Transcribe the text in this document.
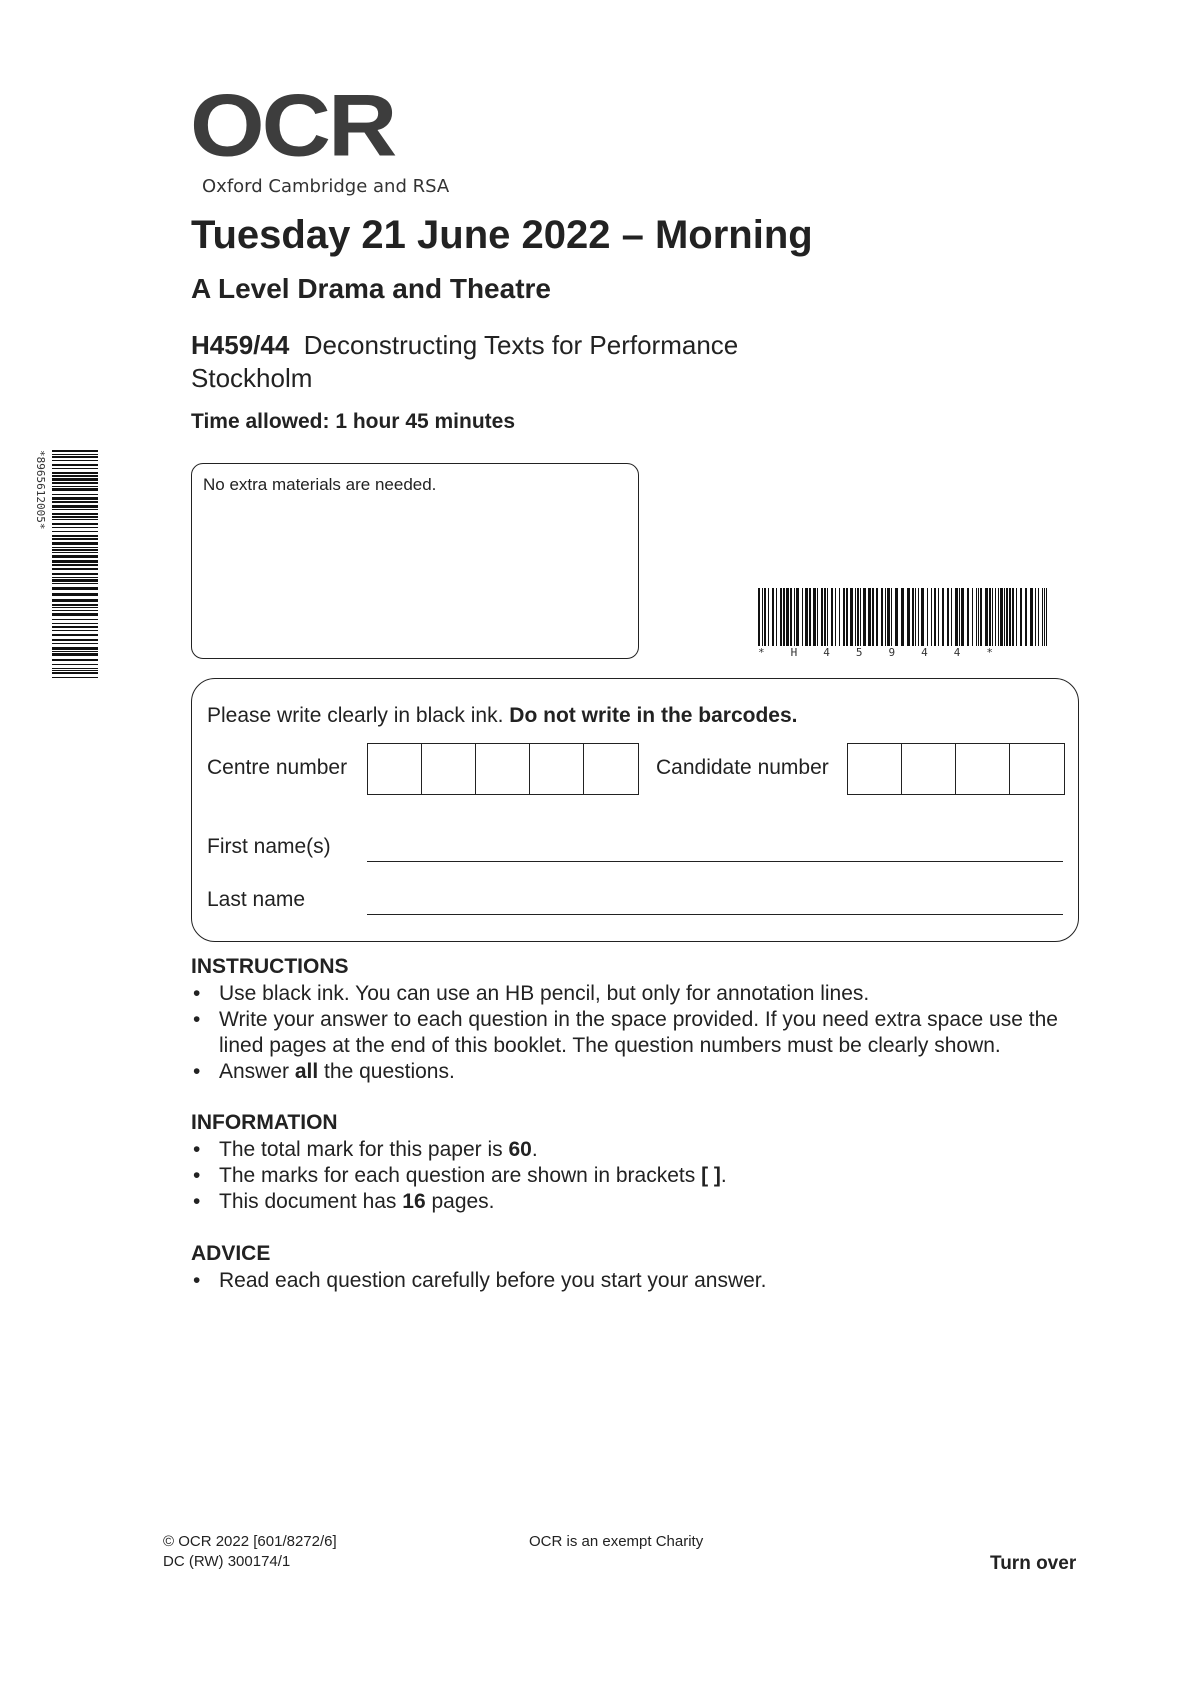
OCR
Oxford Cambridge and RSA
Tuesday 21 June 2022 – Morning
A Level Drama and Theatre
H459/44 Deconstructing Texts for Performance
Stockholm
Time allowed: 1 hour 45 minutes
*8965612005*	No extra materials are needed.
*H45944*
Please write clearly in black ink. Do not write in the barcodes.
Centre number	Candidate number
First name(s)
Last name
INSTRUCTIONS
• Use black ink. You can use an HB pencil, but only for annotation lines.
• Write your answer to each question in the space provided. If you need extra space use the lined pages at the end of this booklet. The question numbers must be clearly shown.
• Answer all the questions.
INFORMATION
• The total mark for this paper is 60.
• The marks for each question are shown in brackets [ ].
• This document has 16 pages.
ADVICE
• Read each question carefully before you start your answer.
© OCR 2022 [601/8272/6]
DC (RW) 300174/1
OCR is an exempt Charity
Turn over
